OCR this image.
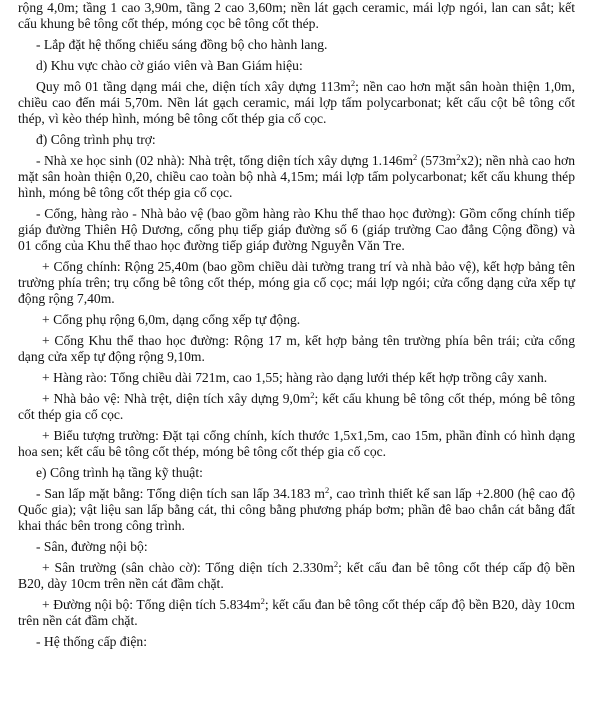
rộng 4,0m; tầng 1 cao 3,90m, tầng 2 cao 3,60m; nền lát gạch ceramic, mái lợp ngói, lan can sắt; kết cấu khung bê tông cốt thép, móng cọc bê tông cốt thép.

- Lắp đặt hệ thống chiếu sáng đồng bộ cho hành lang.

d) Khu vực chào cờ giáo viên và Ban Giám hiệu:

Quy mô 01 tầng dạng mái che, diện tích xây dựng $113m^2$; nền cao hơn mặt sân hoàn thiện 1,0m, chiều cao đến mái 5,70m. Nền lát gạch ceramic, mái lợp tấm polycarbonat; kết cấu cột bê tông cốt thép, vì kèo thép hình, móng bê tông cốt thép gia cố cọc.

đ) Công trình phụ trợ:

- Nhà xe học sinh (02 nhà): Nhà trệt, tổng diện tích xây dựng $1.146m^2$ $(573m^2x2)$; nền nhà cao hơn mặt sân hoàn thiện 0,20, chiều cao toàn bộ nhà 4,15m; mái lợp tấm polycarbonat; kết cấu khung thép hình, móng bê tông cốt thép gia cố cọc.

- Cổng, hàng rào - Nhà bảo vệ (bao gồm hàng rào Khu thể thao học đường): Gồm cổng chính tiếp giáp đường Thiên Hộ Dương, cổng phụ tiếp giáp đường số 6 (giáp trường Cao đẳng Cộng đồng) và 01 cổng của Khu thể thao học đường tiếp giáp đường Nguyễn Văn Tre.

+ Cổng chính: Rộng 25,40m (bao gồm chiều dài tường trang trí và nhà bảo vệ), kết hợp bảng tên trường phía trên; trụ cổng bê tông cốt thép, móng gia cố cọc; mái lợp ngói; cửa cổng dạng cửa xếp tự động rộng 7,40m.

+ Cổng phụ rộng 6,0m, dạng cổng xếp tự động.

+ Cổng Khu thể thao học đường: Rộng 17 m, kết hợp bảng tên trường phía bên trái; cửa cổng dạng cửa xếp tự động rộng 9,10m.

+ Hàng rào: Tổng chiều dài 721m, cao 1,55; hàng rào dạng lưới thép kết hợp trồng cây xanh.

+ Nhà bảo vệ: Nhà trệt, diện tích xây dựng $9,0m^2$; kết cấu khung bê tông cốt thép, móng bê tông cốt thép gia cố cọc.

+ Biểu tượng trường: Đặt tại cổng chính, kích thước 1,5x1,5m, cao 15m, phần đỉnh có hình dạng hoa sen; kết cấu bê tông cốt thép, móng bê tông cốt thép gia cố cọc.

e) Công trình hạ tầng kỹ thuật:

- San lấp mặt bằng: Tổng diện tích san lấp 34.183 $m^2$, cao trình thiết kế san lấp +2.800 (hệ cao độ Quốc gia); vật liệu san lấp bằng cát, thi công bằng phương pháp bơm; phần đê bao chắn cát bằng đất khai thác bên trong công trình.

- Sân, đường nội bộ:

+ Sân trường (sân chào cờ): Tổng diện tích $2.330m^2$; kết cấu đan bê tông cốt thép cấp độ bền B20, dày 10cm trên nền cát đầm chặt.

+ Đường nội bộ: Tổng diện tích $5.834m^2$; kết cấu đan bê tông cốt thép cấp độ bền B20, dày 10cm trên nền cát đầm chặt.

- Hệ thống cấp điện:
